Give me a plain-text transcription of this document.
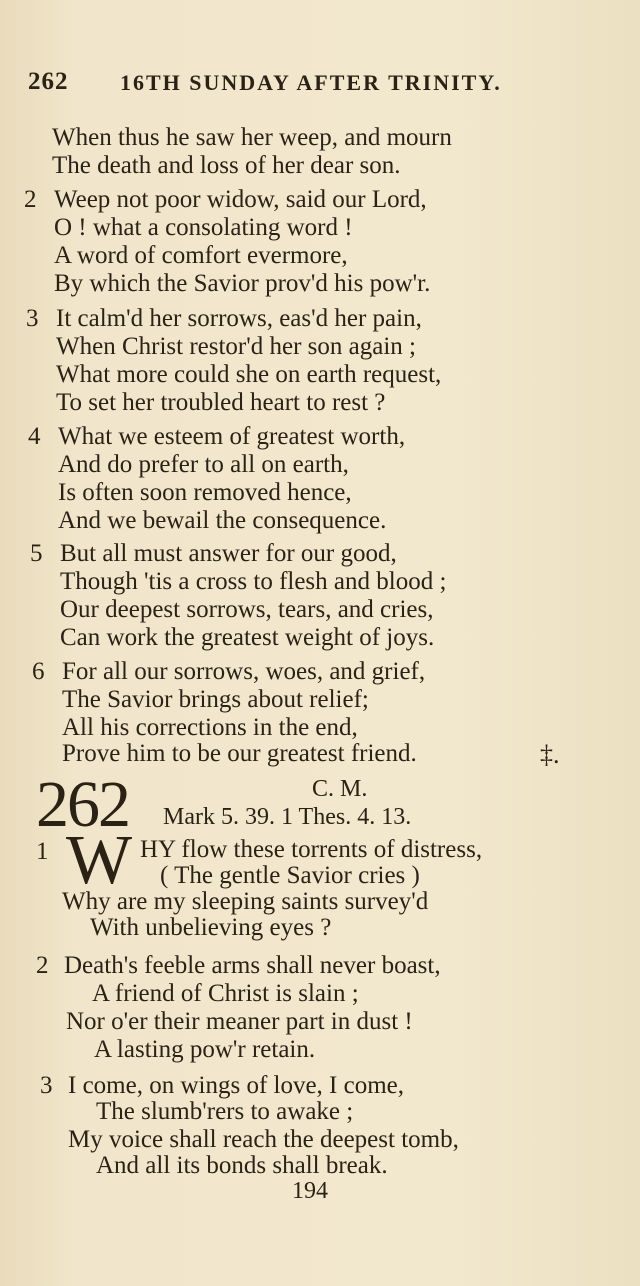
262 16TH SUNDAY AFTER TRINITY.
2
3
4
5
6
When thus he saw her weep, and mourn
The death and loss of her dear son.
Weep not poor widow, said our Lord,
O ! what a consolating word !
A word of comfort evermore,
By which the Savior prov'd his pow'r.
It calm'd her sorrows, eas'd her pain,
When Christ restor'd her son again ;
What more could she on earth request,
To set her troubled heart to rest ?
What we esteem of greatest worth,
And do prefer to all on earth,
Is often soon removed hence,
And we bewail the consequence.
But all must answer for our good,
Though 'tis a cross to flesh and blood ;
Our deepest sorrows, tears, and cries,
Can work the greatest weight of joys.
For all our sorrows, woes, and grief,
The Savior brings about relief;
All his corrections in the end,
Prove him to be our greatest friend.	‡.
262	C. M.
Mark 5. 39. 1 Thes. 4. 13.
1 W HY flow these torrents of distress,
( The gentle Savior cries )
Why are my sleeping saints survey'd
With unbelieving eyes ?
2 Death's feeble arms shall never boast,
A friend of Christ is slain ;
Nor o'er their meaner part in dust !
A lasting pow'r retain.
3 I come, on wings of love, I come,
The slumb'rers to awake ;
My voice shall reach the deepest tomb,
And all its bonds shall break.
194
